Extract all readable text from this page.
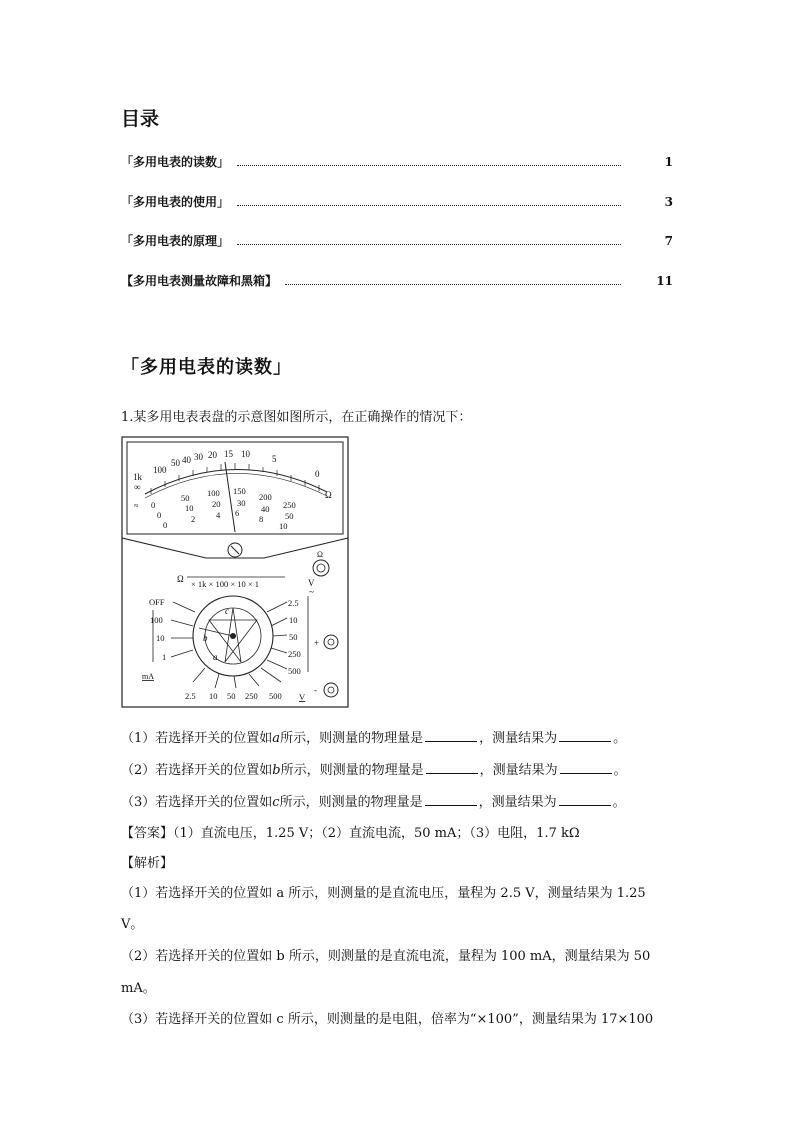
目录
「多用电表的读数」	1
「多用电表的使用」	3
「多用电表的原理」	7
【多用电表测量故障和黑箱】	11
「多用电表的读数」
1.某多用电表表盘的示意图如图所示，在正确操作的情况下：
1k
100
50 40 30 20 15 10 5
0
∞
Ω
≈ 0
50 100 150
200
250
0
10 20 30
40
50
0
2 4 6
8
10
Ω × 1k × 100 × 10 × 1	V
~
Ω
c
b
a
OFF
100
10
1
mA
2.5
10
50
250
500
2.5 10 50 250 500 V
+
-
（1）若选择开关的位置如a所示，则测量的物理量是	，测量结果为	。
（2）若选择开关的位置如b所示，则测量的物理量是	，测量结果为	。
（3）若选择开关的位置如c所示，则测量的物理量是	，测量结果为	。
【答案】（1）直流电压，1.25 V；（2）直流电流，50 mA；（3）电阻，1.7 kΩ
【解析】
（1）若选择开关的位置如 a 所示，则测量的是直流电压，量程为 2.5 V，测量结果为 1.25
V。
（2）若选择开关的位置如 b 所示，则测量的是直流电流，量程为 100 mA，测量结果为 50
mA。
（3）若选择开关的位置如 c 所示，则测量的是电阻，倍率为“×100”，测量结果为 17×100
